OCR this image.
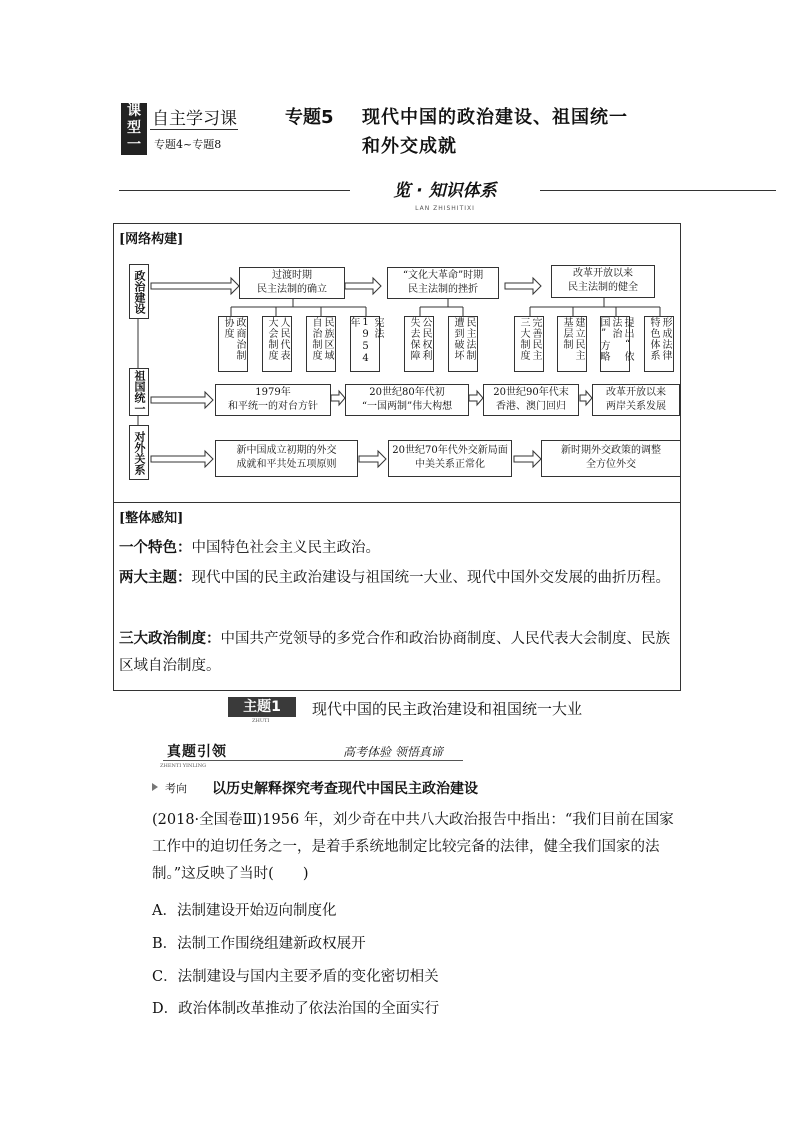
课
型
一
自主学习课
专题4~专题8
专题5 现代中国的政治建设、祖国统一
和外交成就
览 · 知识体系
LAN ZHISHITIXI
[网络构建]
政治建设
祖国统一
对外关系
过渡时期
民主法制的确立
“文化大革命”时期
民主法制的挫折
改革开放以来
民主法制的健全
政商治制协度	人民代表大会制度	民族区域自治制度	宪法1954年	公民权利失去保障	民主法制遭到破坏	完善民主三大制度	建立民主基层制	提出“依法治国”方略	形成法律特色体系
1979年
和平统一的对台方针
20世纪80年代初
“一国两制”伟大构想
20世纪90年代末
香港、澳门回归
改革开放以来
两岸关系发展
新中国成立初期的外交
成就和平共处五项原则
20世纪70年代外交新局面
中美关系正常化
新时期外交政策的调整
全方位外交
[整体感知]
一个特色：中国特色社会主义民主政治。
两大主题：现代中国的民主政治建设与祖国统一大业、现代中国外交发展的曲折历程。
三大政治制度：中国共产党领导的多党合作和政治协商制度、人民代表大会制度、民族区域自治制度。
主题1
ZHUTI
现代中国的民主政治建设和祖国统一大业
真题引领
ZHENTI YINLING
高考体验 领悟真谛
考向 以历史解释探究考查现代中国民主政治建设
(2018·全国卷Ⅲ)1956 年，刘少奇在中共八大政治报告中指出：“我们目前在国家工作中的迫切任务之一，是着手系统地制定比较完备的法律，健全我们国家的法制。”这反映了当时(　　)
A．法制建设开始迈向制度化
B．法制工作围绕组建新政权展开
C．法制建设与国内主要矛盾的变化密切相关
D．政治体制改革推动了依法治国的全面实行
